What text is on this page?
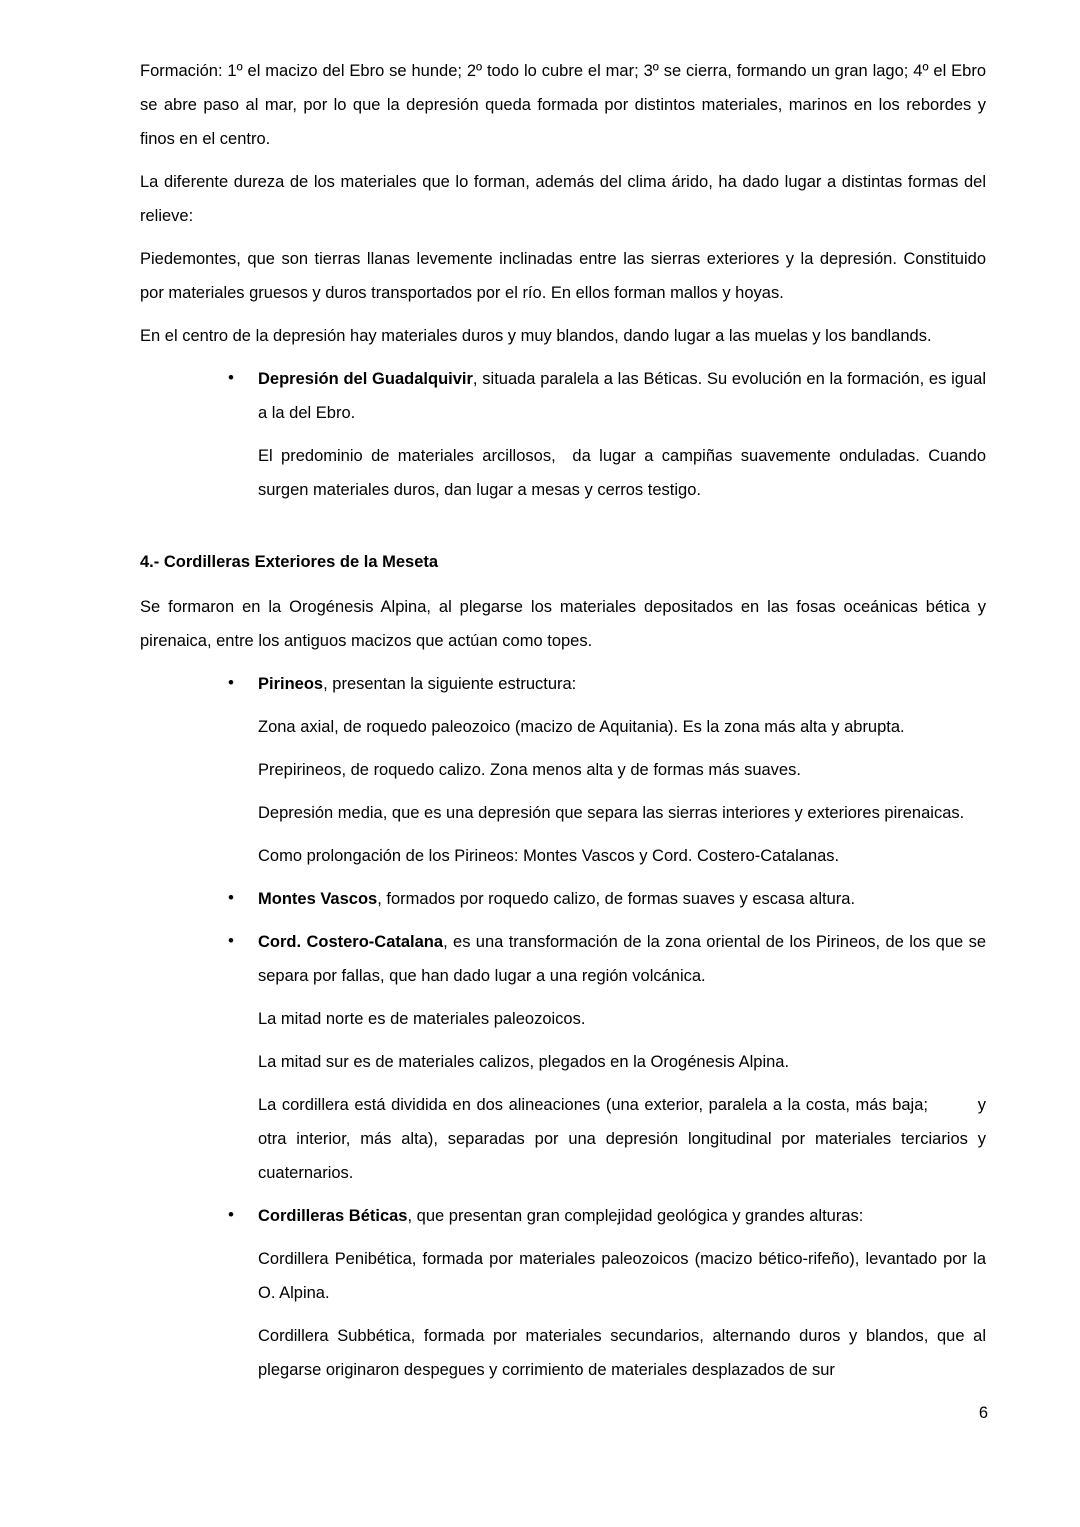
Formación: 1º el macizo del Ebro se hunde; 2º todo lo cubre el mar; 3º se cierra, formando un gran lago; 4º el Ebro se abre paso al mar, por lo que la depresión queda formada por distintos materiales, marinos en los rebordes y finos en el centro.
La diferente dureza de los materiales que lo forman, además del clima árido, ha dado lugar a distintas formas del relieve:
Piedemontes, que son tierras llanas levemente inclinadas entre las sierras exteriores y la depresión. Constituido por materiales gruesos y duros transportados por el río. En ellos forman mallos y hoyas.
En el centro de la depresión hay materiales duros y muy blandos, dando lugar a las muelas y los bandlands.
• Depresión del Guadalquivir, situada paralela a las Béticas. Su evolución en la formación, es igual a la del Ebro.
El predominio de materiales arcillosos,  da lugar a campiñas suavemente onduladas. Cuando surgen materiales duros, dan lugar a mesas y cerros testigo.
4.- Cordilleras Exteriores de la Meseta
Se formaron en la Orogénesis Alpina, al plegarse los materiales depositados en las fosas oceánicas bética y pirenaica, entre los antiguos macizos que actúan como topes.
• Pirineos, presentan la siguiente estructura:
Zona axial, de roquedo paleozoico (macizo de Aquitania). Es la zona más alta y abrupta.
Prepirineos, de roquedo calizo. Zona menos alta y de formas más suaves.
Depresión media, que es una depresión que separa las sierras interiores y exteriores pirenaicas.
Como prolongación de los Pirineos: Montes Vascos y Cord. Costero-Catalanas.
• Montes Vascos, formados por roquedo calizo, de formas suaves y escasa altura.
• Cord. Costero-Catalana, es una transformación de la zona oriental de los Pirineos, de los que se separa por fallas, que han dado lugar a una región volcánica.
La mitad norte es de materiales paleozoicos.
La mitad sur es de materiales calizos, plegados en la Orogénesis Alpina.
La cordillera está dividida en dos alineaciones (una exterior, paralela a la costa, más baja;         y otra interior, más alta), separadas por una depresión longitudinal por materiales terciarios y cuaternarios.
• Cordilleras Béticas, que presentan gran complejidad geológica y grandes alturas:
Cordillera Penibética, formada por materiales paleozoicos (macizo bético-rifeño), levantado por la O. Alpina.
Cordillera Subbética, formada por materiales secundarios, alternando duros y blandos, que al plegarse originaron despegues y corrimiento de materiales desplazados de sur
6
